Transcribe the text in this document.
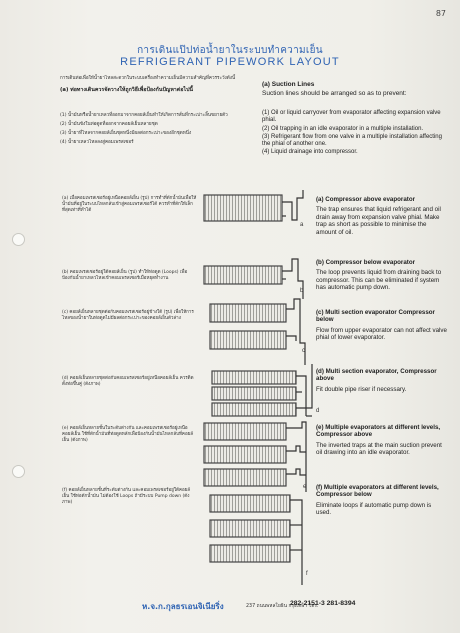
87
การเดินแป๊ปท่อน้ำยาในระบบทำความเย็น
REFRIGERANT PIPEWORK LAYOUT
การเดินท่อเพื่อให้น้ำยาไหลสะดวกในระบบเครื่องทำความเย็นมีความสำคัญที่ควรระวังดังนี้
(a) ท่อทางเดินควรจัดวางให้ถูกวิธีเพื่อป้องกันปัญหาต่อไปนี้
(1) น้ำมันหรือน้ำยาเหลวที่ออกมาจากคอยล์เย็นทำให้เกิดการสั่นที่กระเปาะลิ้นขยายตัว
(2) น้ำมันขังในท่อดูดที่ออกจากคอยล์เย็นหลายชุด
(3) น้ำยาที่ไหลจากคอยล์เย็นชุดหนึ่งมีผลต่อกระเปาะของอีกชุดหนึ่ง
(4) น้ำยาเหลวไหลลงสู่คอมเพรสเซอร์
(a) Suction Lines
Suction lines should be arranged so as to prevent:
(1) Oil or liquid carryover from evaporator affecting expansion valve phial.
(2) Oil trapping in an idle evaporator in a multiple installation.
(3) Refrigerant flow from one valve in a multiple installation affecting the phial of another one.
(4) Liquid drainage into compressor.
(a) เมื่อคอมเพรสเซอร์อยู่เหนือคอยล์เย็น (รูป) การทำที่ดักน้ำมันเพื่อให้น้ำมันที่อยู่ในระบบไหลกลับเข้าสู่คอมเพรสเซอร์ได้ ควรทำที่ดักให้เล็กที่สุดเท่าที่ทำได้
(b) คอมเพรสเซอร์อยู่ใต้คอยล์เย็น (รูป) ทำให้ท่อดูด (Loops) เพื่อป้องกันน้ำยาเหลวไหลเข้าคอมเพรสเซอร์เมื่อหยุดทำงาน
(c) คอยล์เย็นหลายชุดต่อกับคอมเพรสเซอร์อยู่ข้างใต้ (รูป) เพื่อให้การไหลของน้ำยาในท่อดูดไม่มีผลต่อกระเปาะของคอยล์เย็นตัวล่าง
(d) คอยล์เย็นหลายชุดต่อกับคอมเพรสเซอร์อยู่เหนือคอยล์เย็น ควรติดตั้งท่อขึ้นคู่ (ดังภาพ)
(e) คอยล์เย็นหลายชั้นในระดับต่างกัน และคอมเพรสเซอร์อยู่เหนือคอยล์เย็น ใช้ที่ดักน้ำมันที่ท่อดูดหลักเพื่อป้องกันน้ำมันไหลกลับที่คอยล์เย็น (ดังภาพ)
(f) คอยล์เย็นหลายชั้นที่ระดับต่างกัน และคอมเพรสเซอร์อยู่ใต้คอยล์เย็น ใช้ท่อดักน้ำมัน ไม่ต้องใช้ Loops ถ้ามีระบบ Pump down (ดังภาพ)
a
b
c
d
e
f
(a) Compressor above evaporator
The trap ensures that liquid refrigerant and oil drain away from expansion valve phial. Make trap as short as possible to minimise the amount of oil.
(b) Compressor below evaporator
The loop prevents liquid from draining back to compressor. This can be eliminated if system has automatic pump down.
(c) Multi section evaporator Compressor below
Flow from upper evaporator can not affect valve phial of lower evaporator.
(d) Multi section evaporator, Compressor above
Fit double pipe riser if necessary.
(e) Multiple evaporators at different levels, Compressor above
The inverted traps at the main suction prevent oil drawing into an idle evaporator.
(f) Multiple evaporators at different levels, Compressor below
Eliminate loops if automatic pump down is used.
ห.จ.ก.กุลธรเอนจิเนียริ่ง	237 ถนนพหลโยธิน กรุงเทพฯ โทร.
282-2151-3 281-8394
